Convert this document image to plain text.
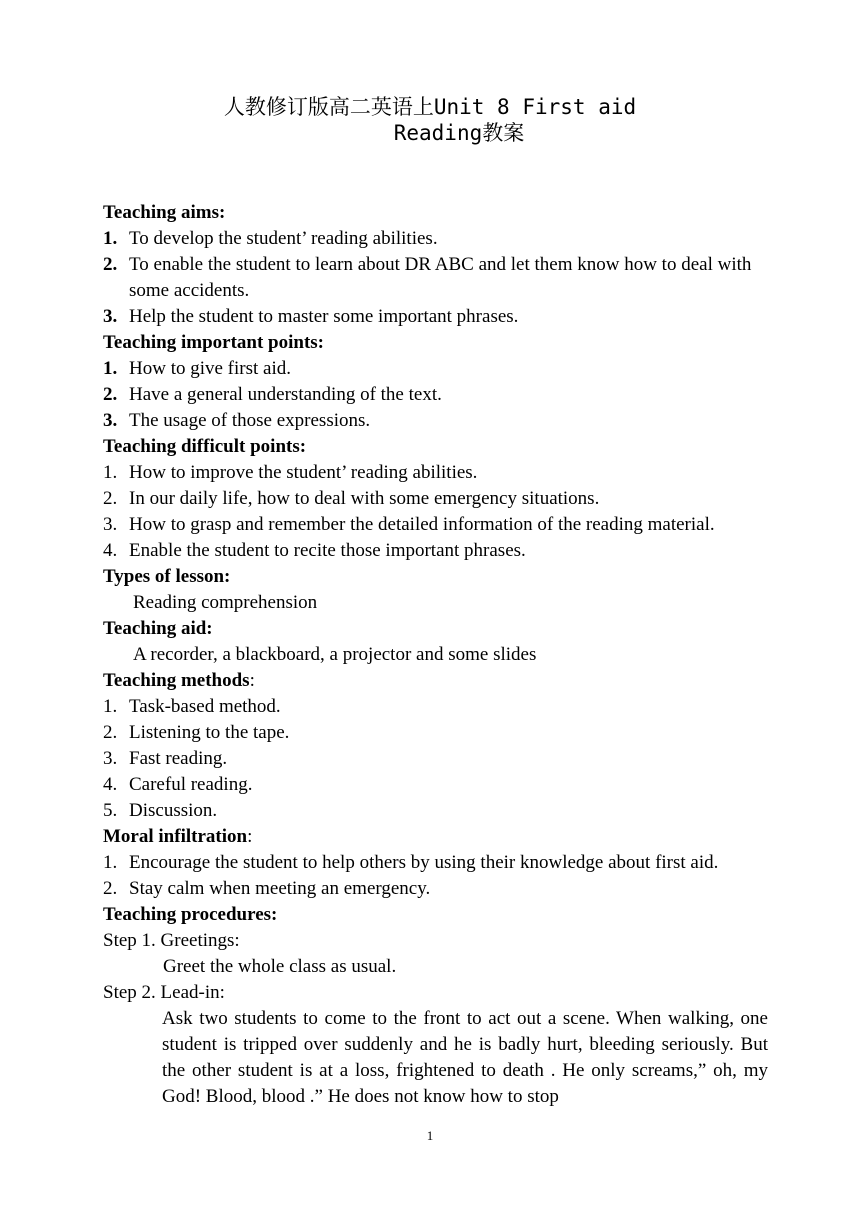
人教修订版高二英语上Unit 8 First aid
Reading教案
Teaching aims:
1. To develop the student’ reading abilities.
2. To enable the student to learn about DR ABC and let them know how to deal with some accidents.
3. Help the student to master some important phrases.
Teaching important points:
1. How to give first aid.
2. Have a general understanding of the text.
3. The usage of those expressions.
Teaching difficult points:
1. How to improve the student’ reading abilities.
2. In our daily life, how to deal with some emergency situations.
3. How to grasp and remember the detailed information of the reading material.
4. Enable the student to recite those important phrases.
Types of lesson:
Reading comprehension
Teaching aid:
A recorder, a blackboard, a projector and some slides
Teaching methods:
1. Task-based method.
2. Listening to the tape.
3. Fast reading.
4. Careful reading.
5. Discussion.
Moral infiltration:
1. Encourage the student to help others by using their knowledge about first aid.
2. Stay calm when meeting an emergency.
Teaching procedures:
Step 1. Greetings:
Greet the whole class as usual.
Step 2. Lead-in:
Ask two students to come to the front to act out a scene. When walking, one student is tripped over suddenly and he is badly hurt, bleeding seriously. But the other student is at a loss, frightened to death . He only screams,” oh, my God! Blood, blood .” He does not know how to stop
1
